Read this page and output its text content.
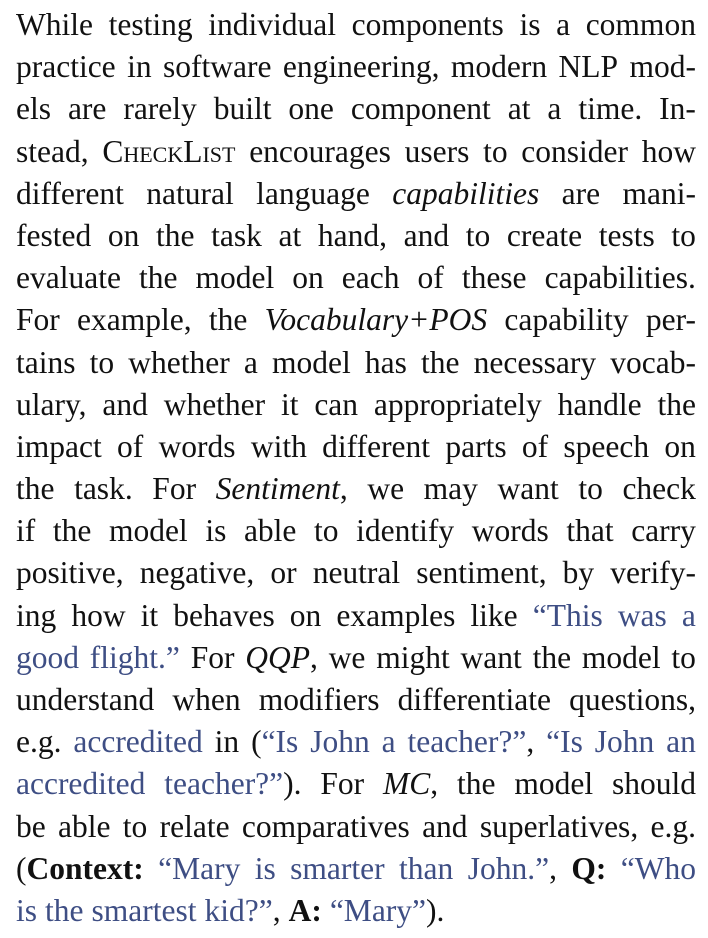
While testing individual components is a common
practice in software engineering, modern NLP mod-
els are rarely built one component at a time. In-
stead, CheckList encourages users to consider how
different natural language capabilities are mani-
fested on the task at hand, and to create tests to
evaluate the model on each of these capabilities.
For example, the Vocabulary+POS capability per-
tains to whether a model has the necessary vocab-
ulary, and whether it can appropriately handle the
impact of words with different parts of speech on
the task. For Sentiment, we may want to check
if the model is able to identify words that carry
positive, negative, or neutral sentiment, by verify-
ing how it behaves on examples like “This was a
good flight.” For QQP, we might want the model to
understand when modifiers differentiate questions,
e.g. accredited in (“Is John a teacher?”, “Is John an
accredited teacher?”). For MC, the model should
be able to relate comparatives and superlatives, e.g.
(Context: “Mary is smarter than John.”, Q: “Who
is the smartest kid?”, A: “Mary”).
